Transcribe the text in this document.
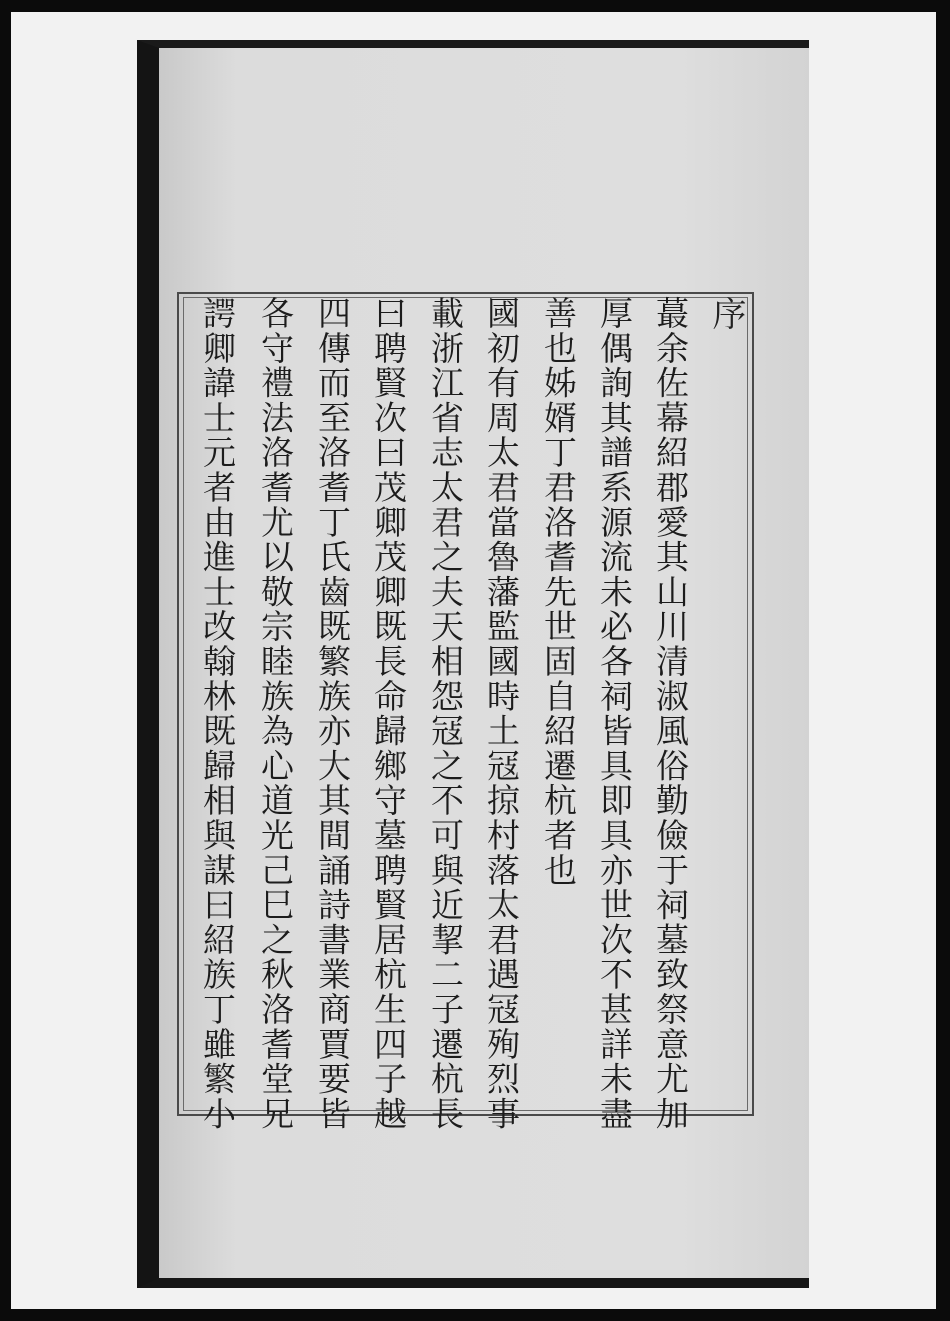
序
蕞余佐幕紹郡愛其山川清淑風俗勤儉于祠墓致祭意尤加
厚偶詢其譜系源流未必各祠皆具即具亦世次不甚詳未盡
善也姊婿丁君洛耆先世固自紹遷杭者也
國初有周太君當魯藩監國時土冦掠村落太君遇冦殉烈事
載浙江省志太君之夫天相怨冦之不可與近挈二子遷杭長
曰聘賢次曰茂卿茂卿既長命歸鄉守墓聘賢居杭生四子越
四傳而至洛耆丁氏齒既繁族亦大其間誦詩書業商賈要皆
各守禮法洛耆尤以敬宗睦族為心道光己巳之秋洛耆堂兄
諤卿諱士元者由進士改翰林既歸相與謀曰紹族丁雖繁小
